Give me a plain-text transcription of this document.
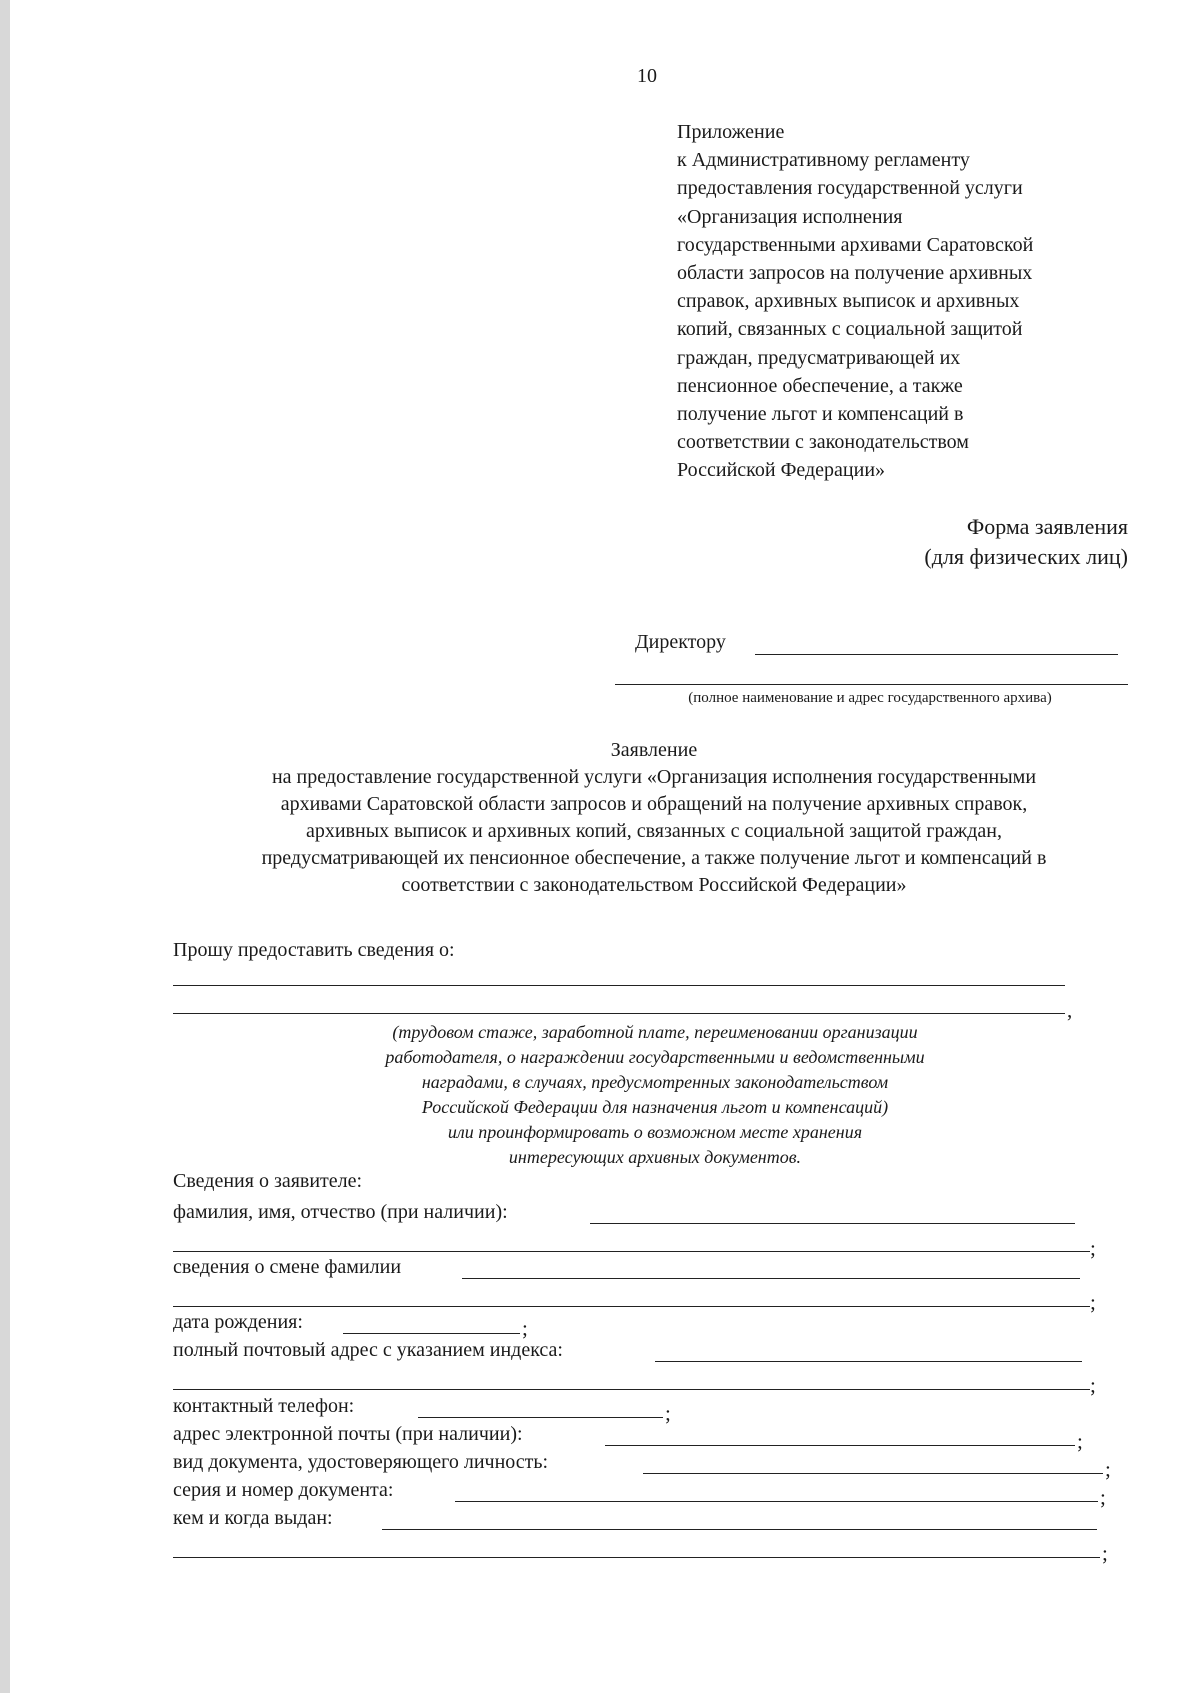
10
Приложение
к Административному регламенту
предоставления государственной услуги
«Организация исполнения
государственными архивами Саратовской
области запросов на получение архивных
справок, архивных выписок и архивных
копий, связанных с социальной защитой
граждан, предусматривающей их
пенсионное обеспечение, а также
получение льгот и компенсаций в
соответствии с законодательством
Российской Федерации»
Форма заявления
(для физических лиц)
Директору
(полное наименование и адрес государственного архива)
Заявление
на предоставление государственной услуги «Организация исполнения государственными
архивами Саратовской области запросов и обращений на получение архивных справок,
архивных выписок и архивных копий, связанных с социальной защитой граждан,
предусматривающей их пенсионное обеспечение, а также получение льгот и компенсаций в
соответствии с законодательством Российской Федерации»
Прошу предоставить сведения о:
,
(трудовом стаже, заработной плате, переименовании организации
работодателя, о награждении государственными и ведомственными
наградами, в случаях, предусмотренных законодательством
Российской Федерации для назначения льгот и компенсаций)
или проинформировать о возможном месте хранения
интересующих архивных документов.
Сведения о заявителе:
фамилия, имя, отчество (при наличии):
;
сведения о смене фамилии
;
дата рождения:	;
полный почтовый адрес с указанием индекса:
;
контактный телефон:	;
адрес электронной почты (при наличии):	;
вид документа, удостоверяющего личность:	;
серия и номер документа:	;
кем и когда выдан:
;
